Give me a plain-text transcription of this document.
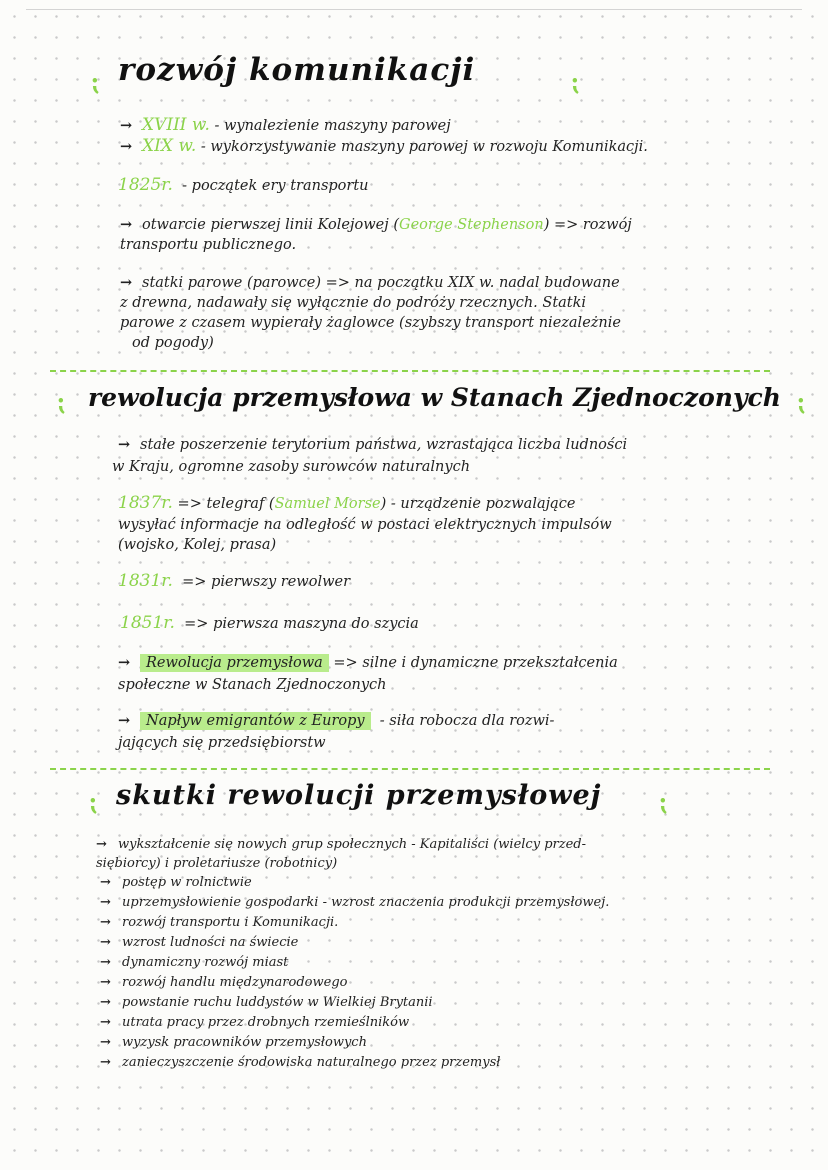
⁏ rozwój komunikacji	⁏
→ XVIII w. - wynalezienie maszyny parowej
→ XIX w. - wykorzystywanie maszyny parowej w rozwoju Komunikacji.
1825r. - początek ery transportu
→ otwarcie pierwszej linii Kolejowej (George Stephenson) => rozwój
transportu publicznego.
→ statki parowe (parowce) => na początku XIX w. nadal budowane
z drewna, nadawały się wyłącznie do podróży rzecznych. Statki
parowe z czasem wypierały żaglowce (szybszy transport niezależnie
od pogody)
⁏ rewolucja przemysłowa w Stanach Zjednoczonych ⁏
→ stałe poszerzenie terytorium państwa, wzrastająca liczba ludności
w Kraju, ogromne zasoby surowców naturalnych
1837r. => telegraf (Samuel Morse) - urządzenie pozwalające
wysyłać informacje na odległość w postaci elektrycznych impulsów
(wojsko, Kolej, prasa)
1831r. => pierwszy rewolwer
1851r. => pierwsza maszyna do szycia
→ Rewolucja przemysłowa => silne i dynamiczne przekształcenia
społeczne w Stanach Zjednoczonych
→ Napływ emigrantów z Europy - siła robocza dla rozwi-
jających się przedsiębiorstw
⁏ skutki rewolucji przemysłowej ⁏
→ wykształcenie się nowych grup społecznych - Kapitaliści (wielcy przed-
siębiorcy) i proletariusze (robotnicy)
→ postęp w rolnictwie
→ uprzemysłowienie gospodarki - wzrost znaczenia produkcji przemysłowej.
→ rozwój transportu i Komunikacji.
→ wzrost ludności na świecie
→ dynamiczny rozwój miast
→ rozwój handlu międzynarodowego
→ powstanie ruchu luddystów w Wielkiej Brytanii
→ utrata pracy przez drobnych rzemieślników
→ wyzysk pracowników przemysłowych
→ zanieczyszczenie środowiska naturalnego przez przemysł
